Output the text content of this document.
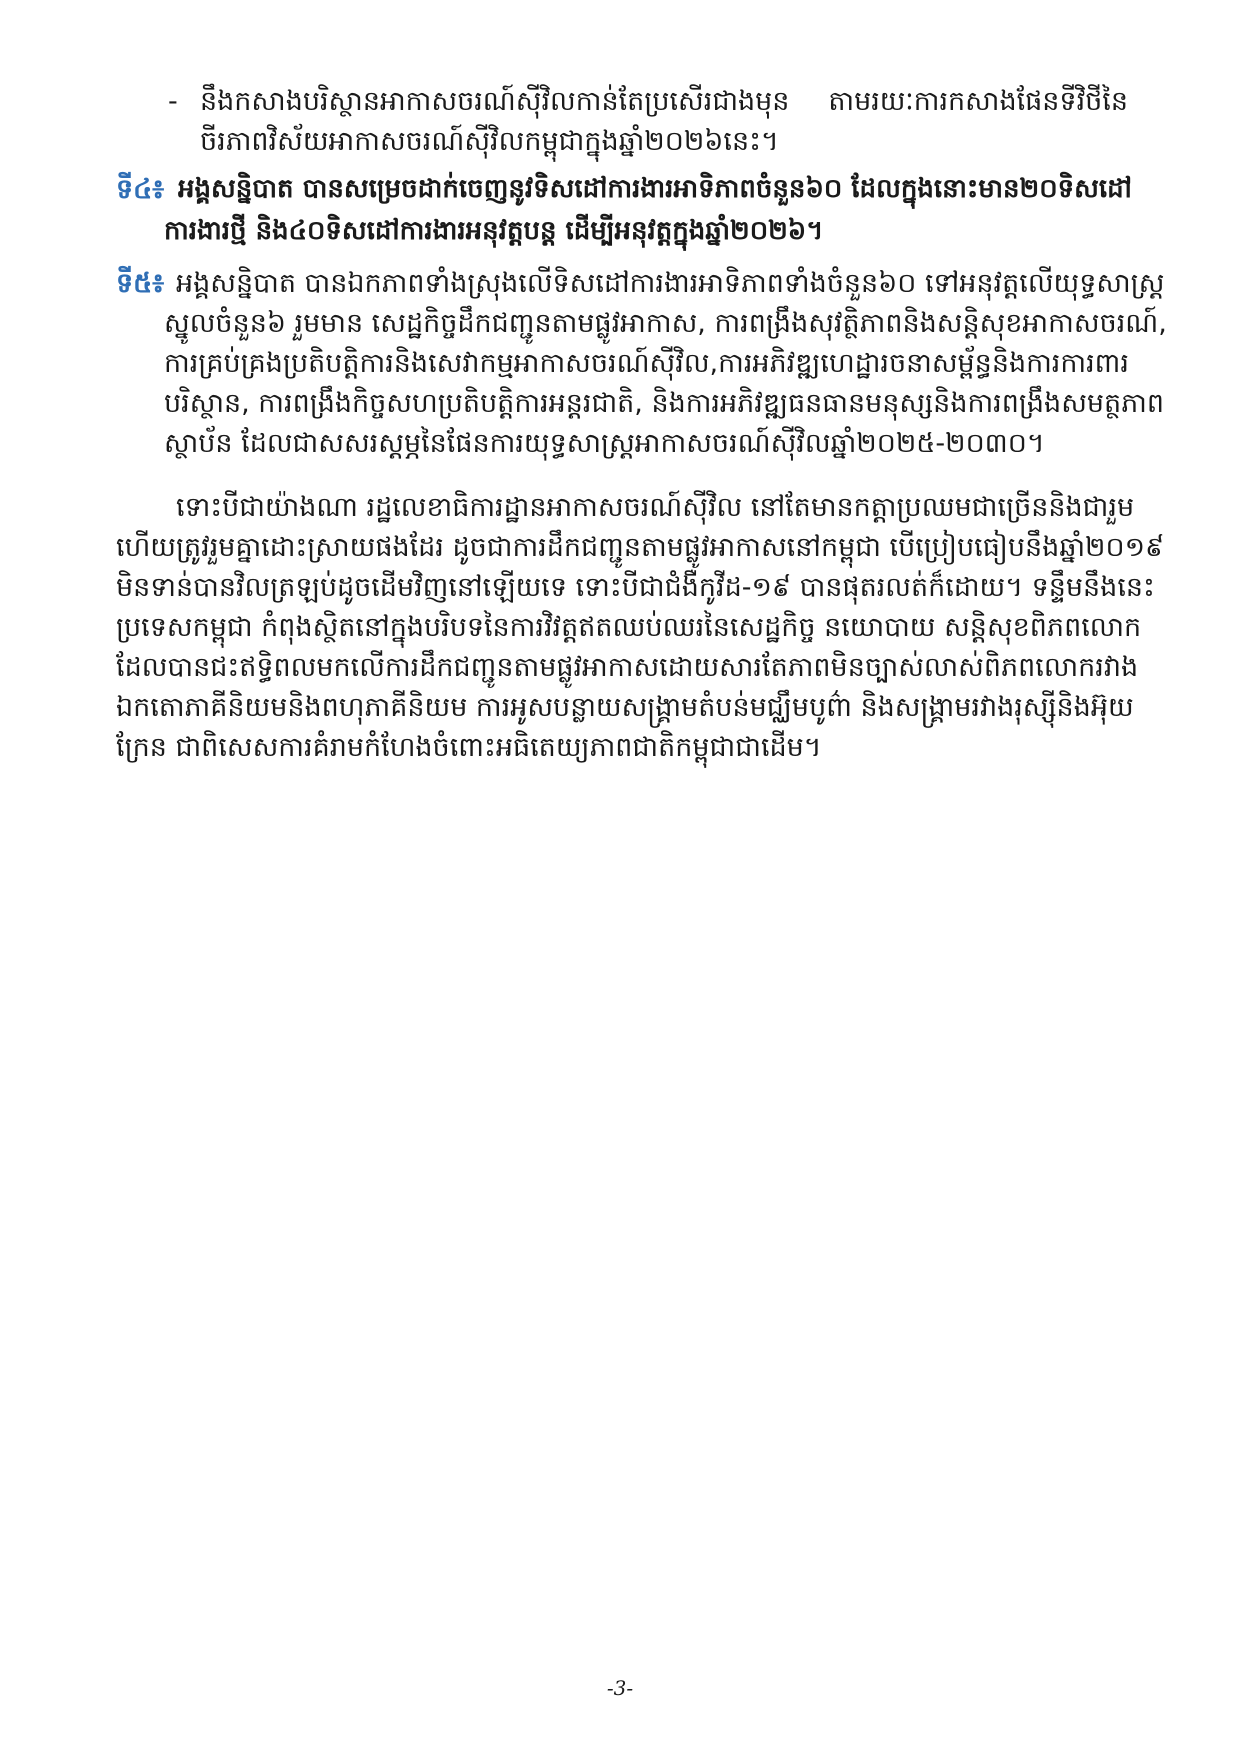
- នឹងកសាងបរិស្ថានអាកាសចរណ៍ស៊ីវិលកាន់តែប្រសើរជាងមុន តាមរយៈការកសាងផែនទីវិថីនៃ
ចីរភាពវិស័យអាកាសចរណ៍ស៊ីវិលកម្ពុជាក្នុងឆ្នាំ២០២៦នេះ។
ទី៤៖ អង្គសន្និបាត បានសម្រេចដាក់ចេញនូវទិសដៅការងារអាទិភាពចំនួន៦០ ដែលក្នុងនោះមាន២០ទិសដៅ
ការងារថ្មី និង៤០ទិសដៅការងារអនុវត្តបន្ត ដើម្បីអនុវត្តក្នុងឆ្នាំ២០២៦។
ទី៥៖ អង្គសន្និបាត បានឯកភាពទាំងស្រុងលើទិសដៅការងារអាទិភាពទាំងចំនួន៦០ ទៅអនុវត្តលើយុទ្ធសាស្ត្រ
ស្នូលចំនួន៦ រួមមាន សេដ្ឋកិច្ចដឹកជញ្ជូនតាមផ្លូវអាកាស, ការពង្រឹងសុវត្ថិភាពនិងសន្តិសុខអាកាសចរណ៍,
ការគ្រប់គ្រងប្រតិបត្តិការនិងសេវាកម្មអាកាសចរណ៍ស៊ីវិល, ការអភិវឌ្ឍហេដ្ឋារចនាសម្ព័ន្ធនិងការការពារ
បរិស្ថាន, ការពង្រឹងកិច្ចសហប្រតិបត្តិការអន្តរជាតិ, និងការអភិវឌ្ឍធនធានមនុស្សនិងការពង្រឹងសមត្ថភាព
ស្ថាប័ន ដែលជាសសរស្តម្ភនៃផែនការយុទ្ធសាស្ត្រអាកាសចរណ៍ស៊ីវិលឆ្នាំ២០២៥-២០៣០។
ទោះបីជាយ៉ាងណា រដ្ឋលេខាធិការដ្ឋានអាកាសចរណ៍ស៊ីវិល នៅតែមានកត្តាប្រឈមជាច្រើននិងជារួម
ហើយត្រូវរួមគ្នាដោះស្រាយផងដែរ ដូចជាការដឹកជញ្ជូនតាមផ្លូវអាកាសនៅកម្ពុជា បើប្រៀបធៀបនឹងឆ្នាំ២០១៩
មិនទាន់បានវិលត្រឡប់ដូចដើមវិញនៅឡើយទេ ទោះបីជាជំងឺកូវីដ-១៩ បានផុតរលត់ក៏ដោយ។ ទន្ទឹមនឹងនេះ
ប្រទេសកម្ពុជា កំពុងស្ថិតនៅក្នុងបរិបទនៃការវិវត្តឥតឈប់ឈរនៃសេដ្ឋកិច្ច នយោបាយ សន្តិសុខពិភពលោក
ដែលបានជះឥទ្ធិពលមកលើការដឹកជញ្ជូនតាមផ្លូវអាកាស ដោយសារតែភាពមិនច្បាស់លាស់ពិភពលោករវាង
ឯកតោភាគីនិយមនិងពហុភាគីនិយម ការអូសបន្លាយសង្គ្រាមតំបន់មជ្ឈឹមបូព៌ា និង សង្គ្រាមរវាងរុស្ស៊ីនិងអ៊ុយ
ក្រែន ជាពិសេសការគំរាមកំហែងចំពោះអធិតេយ្យភាពជាតិកម្ពុជាជាដើម។
-3-
